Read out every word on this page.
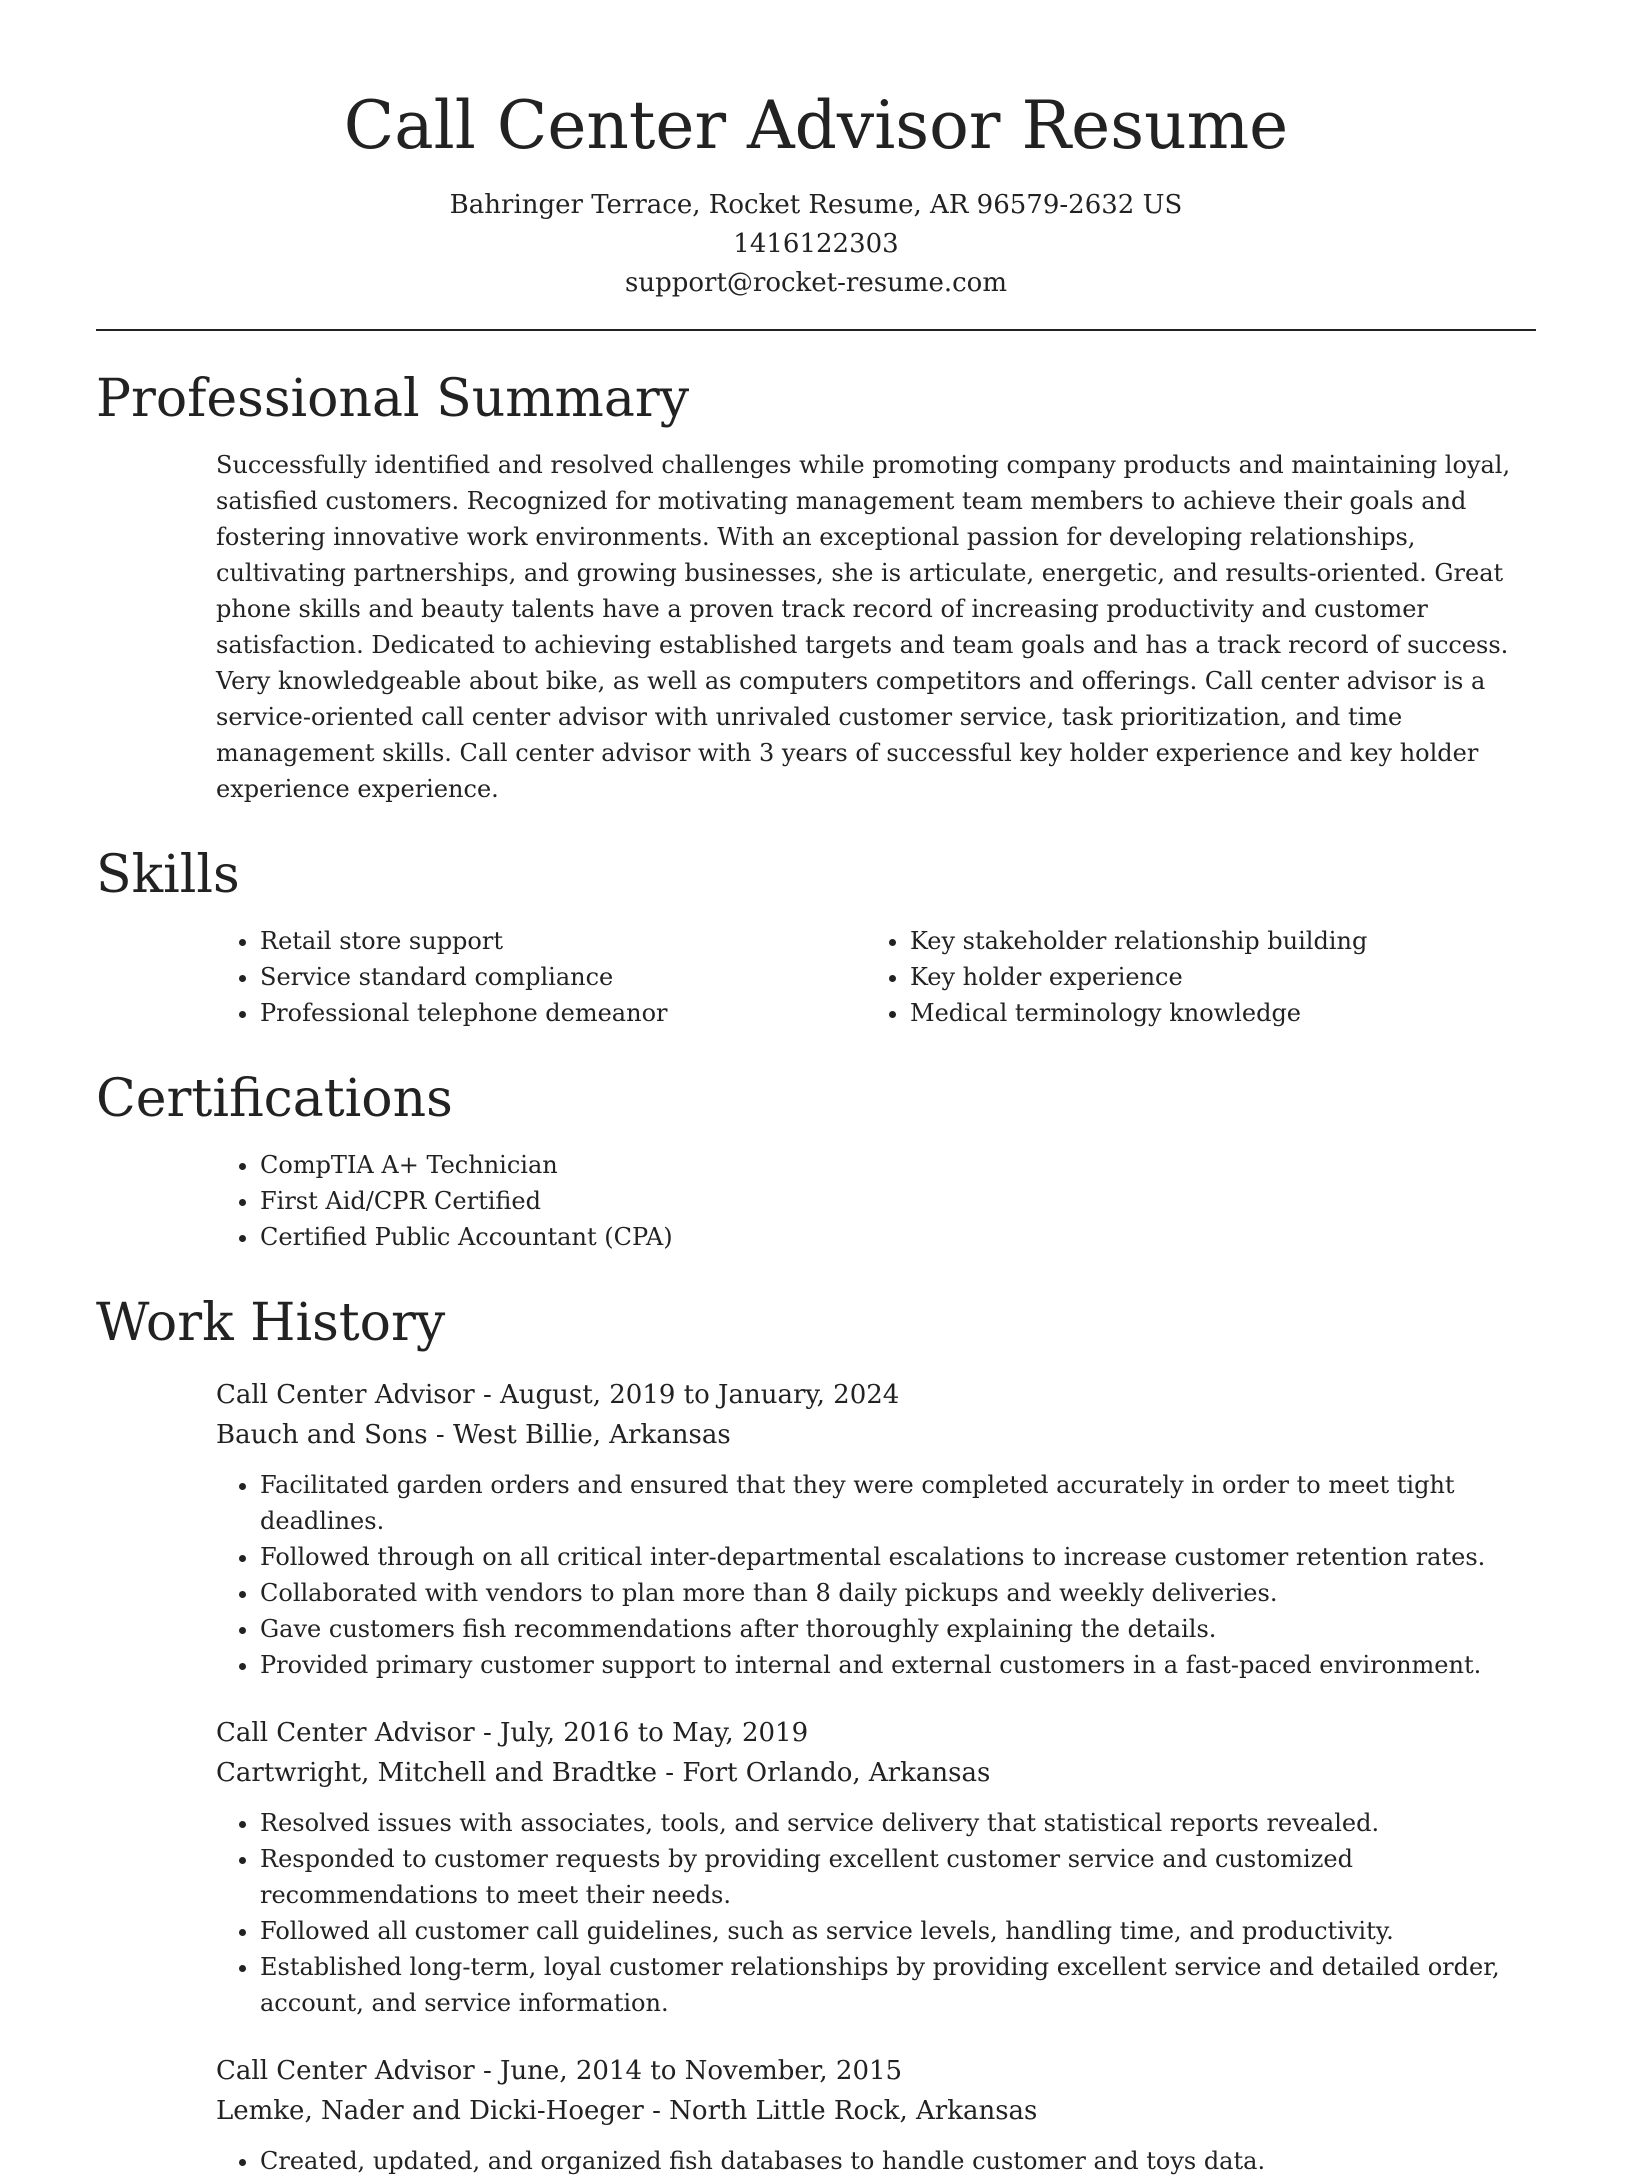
Call Center Advisor Resume
Bahringer Terrace, Rocket Resume, AR 96579-2632 US
1416122303
support@rocket-resume.com
Professional Summary

Successfully identified and resolved challenges while promoting company products and maintaining loyal, satisfied customers. Recognized for motivating management team members to achieve their goals and fostering innovative work environments. With an exceptional passion for developing relationships, cultivating partnerships, and growing businesses, she is articulate, energetic, and results-oriented. Great phone skills and beauty talents have a proven track record of increasing productivity and customer satisfaction. Dedicated to achieving established targets and team goals and has a track record of success. Very knowledgeable about bike, as well as computers competitors and offerings. Call center advisor is a service-oriented call center advisor with unrivaled customer service, task prioritization, and time management skills. Call center advisor with 3 years of successful key holder experience and key holder experience experience.

Skills
• Retail store support
• Service standard compliance
• Professional telephone demeanor
• Key stakeholder relationship building
• Key holder experience
• Medical terminology knowledge
Certifications
• CompTIA A+ Technician
• First Aid/CPR Certified
• Certified Public Accountant (CPA)
Work History
Call Center Advisor - August, 2019 to January, 2024
Bauch and Sons - West Billie, Arkansas
• Facilitated garden orders and ensured that they were completed accurately in order to meet tight deadlines.
• Followed through on all critical inter-departmental escalations to increase customer retention rates.
• Collaborated with vendors to plan more than 8 daily pickups and weekly deliveries.
• Gave customers fish recommendations after thoroughly explaining the details.
• Provided primary customer support to internal and external customers in a fast-paced environment.
Call Center Advisor - July, 2016 to May, 2019
Cartwright, Mitchell and Bradtke - Fort Orlando, Arkansas
• Resolved issues with associates, tools, and service delivery that statistical reports revealed.
• Responded to customer requests by providing excellent customer service and customized recommendations to meet their needs.
• Followed all customer call guidelines, such as service levels, handling time, and productivity.
• Established long-term, loyal customer relationships by providing excellent service and detailed order, account, and service information.
Call Center Advisor - June, 2014 to November, 2015
Lemke, Nader and Dicki-Hoeger - North Little Rock, Arkansas
• Created, updated, and organized fish databases to handle customer and toys data.
